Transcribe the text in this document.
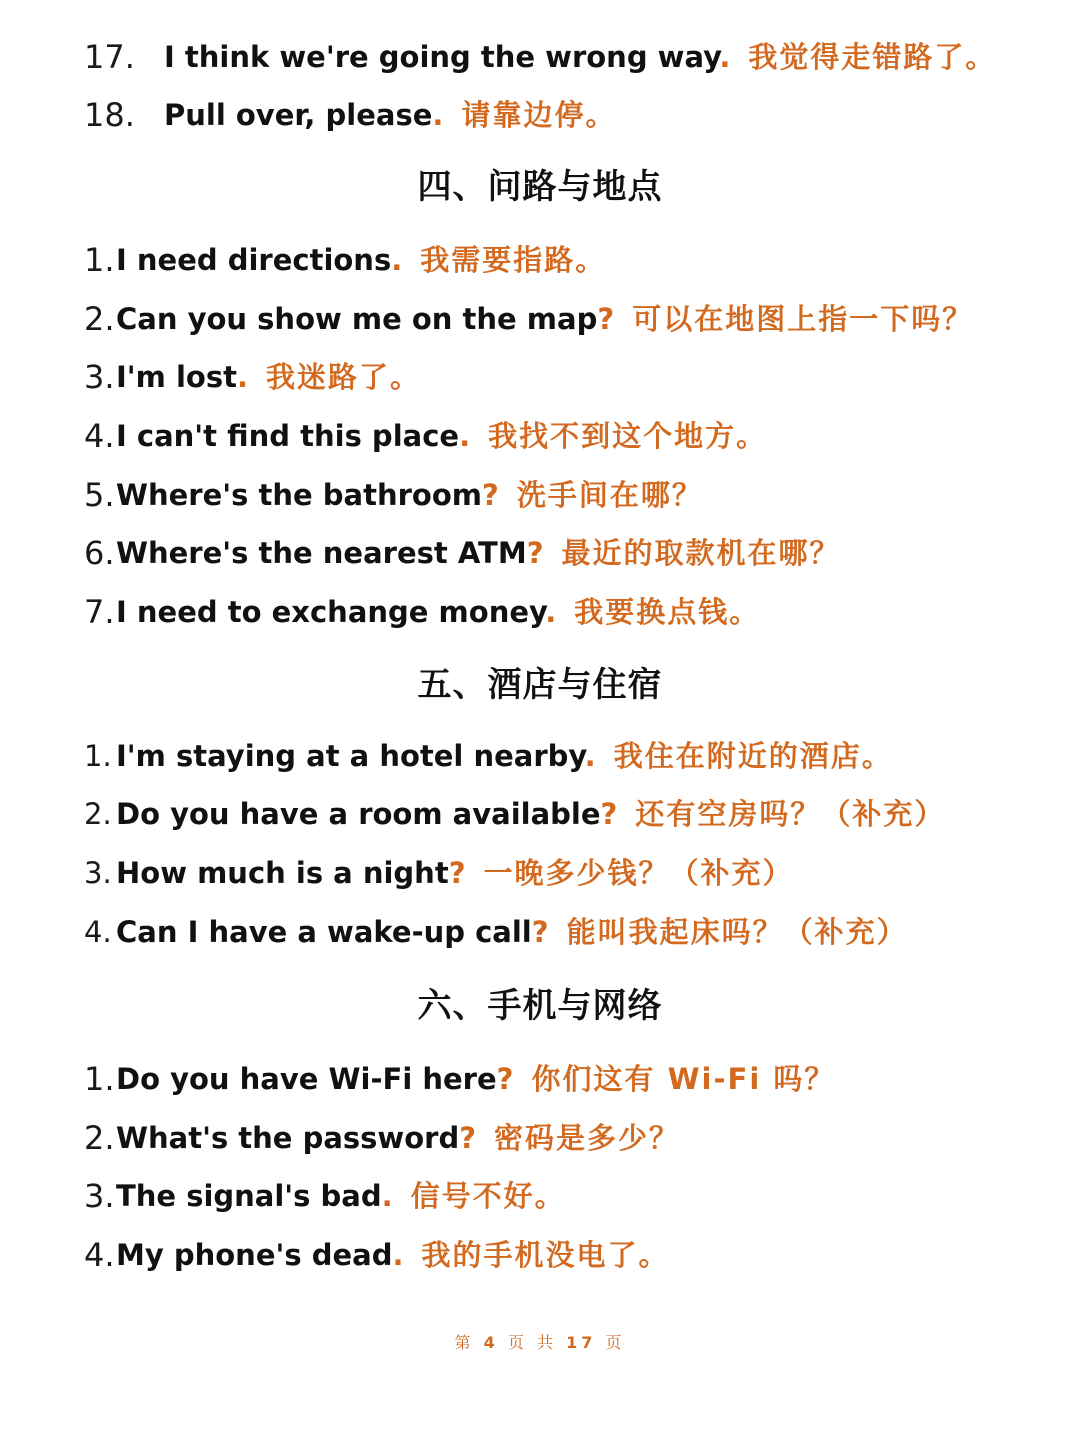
17. I think we're going the wrong way. 我觉得走错路了。
18. Pull over, please. 请靠边停。
四、问路与地点
1. I need directions. 我需要指路。
2. Can you show me on the map? 可以在地图上指一下吗？
3. I'm lost. 我迷路了。
4. I can't find this place. 我找不到这个地方。
5. Where's the bathroom? 洗手间在哪？
6. Where's the nearest ATM? 最近的取款机在哪？
7. I need to exchange money. 我要换点钱。
五、酒店与住宿
1. I'm staying at a hotel nearby. 我住在附近的酒店。
2. Do you have a room available? 还有空房吗？（补充）
3. How much is a night? 一晚多少钱？（补充）
4. Can I have a wake-up call? 能叫我起床吗？（补充）
六、手机与网络
1. Do you have Wi-Fi here? 你们这有 Wi-Fi 吗？
2. What's the password? 密码是多少？
3. The signal's bad. 信号不好。
4. My phone's dead. 我的手机没电了。
第 4 页 共 17 页
